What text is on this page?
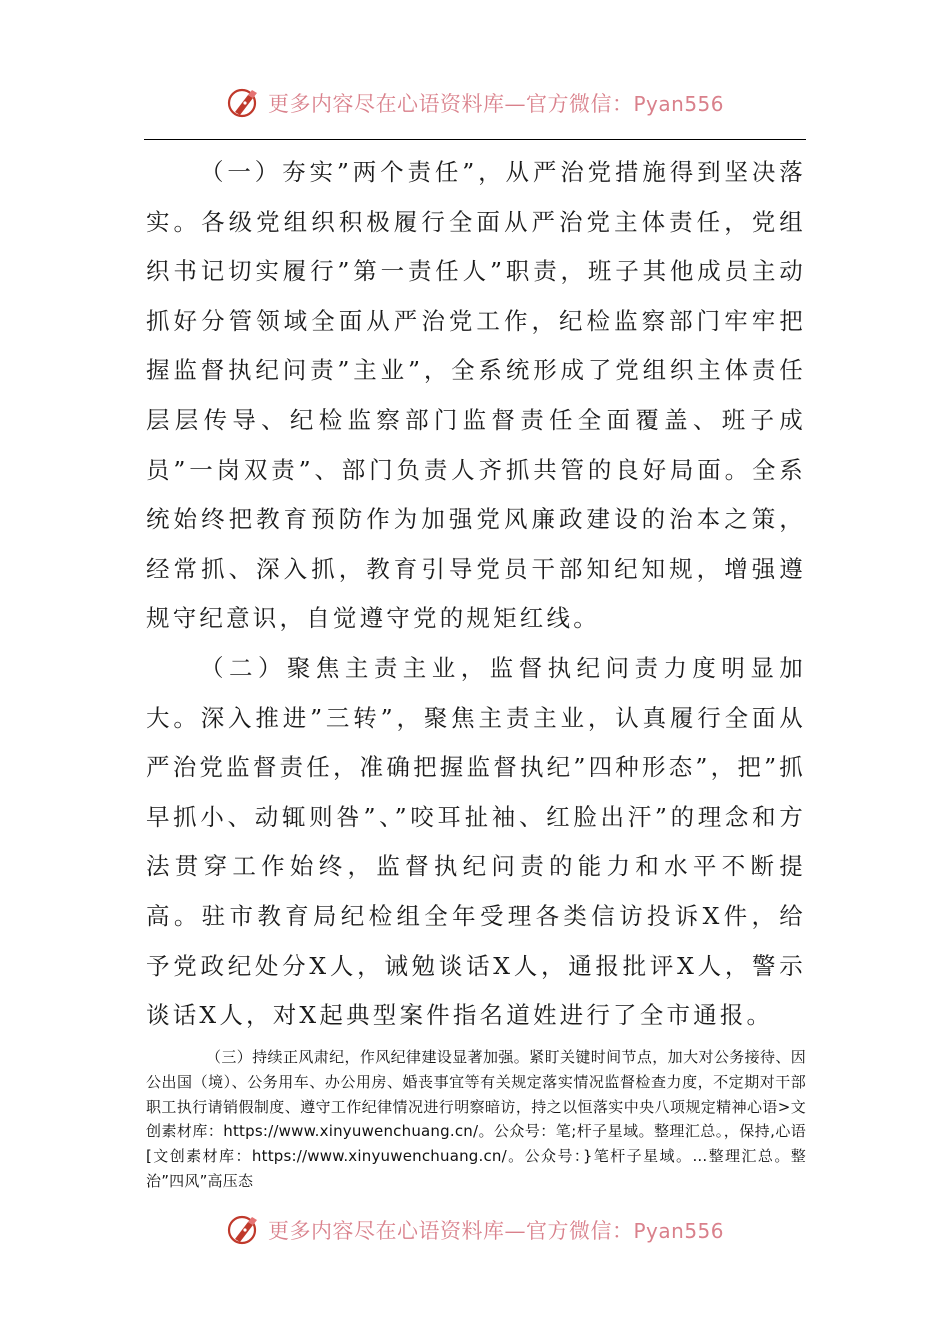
更多内容尽在心语资料库—官方微信：Pyan556

（一）夯实”两个责任”，从严治党措施得到坚决落实。各级党组织积极履行全面从严治党主体责任，党组织书记切实履行”第一责任人”职责，班子其他成员主动抓好分管领域全面从严治党工作，纪检监察部门牢牢把握监督执纪问责”主业”，全系统形成了党组织主体责任层层传导、纪检监察部门监督责任全面覆盖、班子成员”一岗双责”、部门负责人齐抓共管的良好局面。全系统始终把教育预防作为加强党风廉政建设的治本之策，经常抓、深入抓，教育引导党员干部知纪知规，增强遵规守纪意识，自觉遵守党的规矩红线。

（二）聚焦主责主业，监督执纪问责力度明显加大。深入推进”三转”，聚焦主责主业，认真履行全面从严治党监督责任，准确把握监督执纪”四种形态”，把”抓早抓小、动辄则咎”、”咬耳扯袖、红脸出汗”的理念和方法贯穿工作始终，监督执纪问责的能力和水平不断提高。驻市教育局纪检组全年受理各类信访投诉X件，给予党政纪处分X人，诫勉谈话X人，通报批评X人，警示谈话X人，对X起典型案件指名道姓进行了全市通报。

（三）持续正风肃纪，作风纪律建设显著加强。紧盯关键时间节点，加大对公务接待、因公出国（境）、公务用车、办公用房、婚丧事宜等有关规定落实情况监督检查力度，不定期对干部职工执行请销假制度、遵守工作纪律情况进行明察暗访，持之以恒落实中央八项规定精神心语>文创素材库：https://www.xinyuwenchuang.cn/。公众号：笔;杆子星域。整理汇总。，保持,心语[文创素材库：https://www.xinyuwenchuang.cn/。公众号：}笔杆子星域。...整理汇总。整治”四风”高压态

更多内容尽在心语资料库—官方微信：Pyan556
